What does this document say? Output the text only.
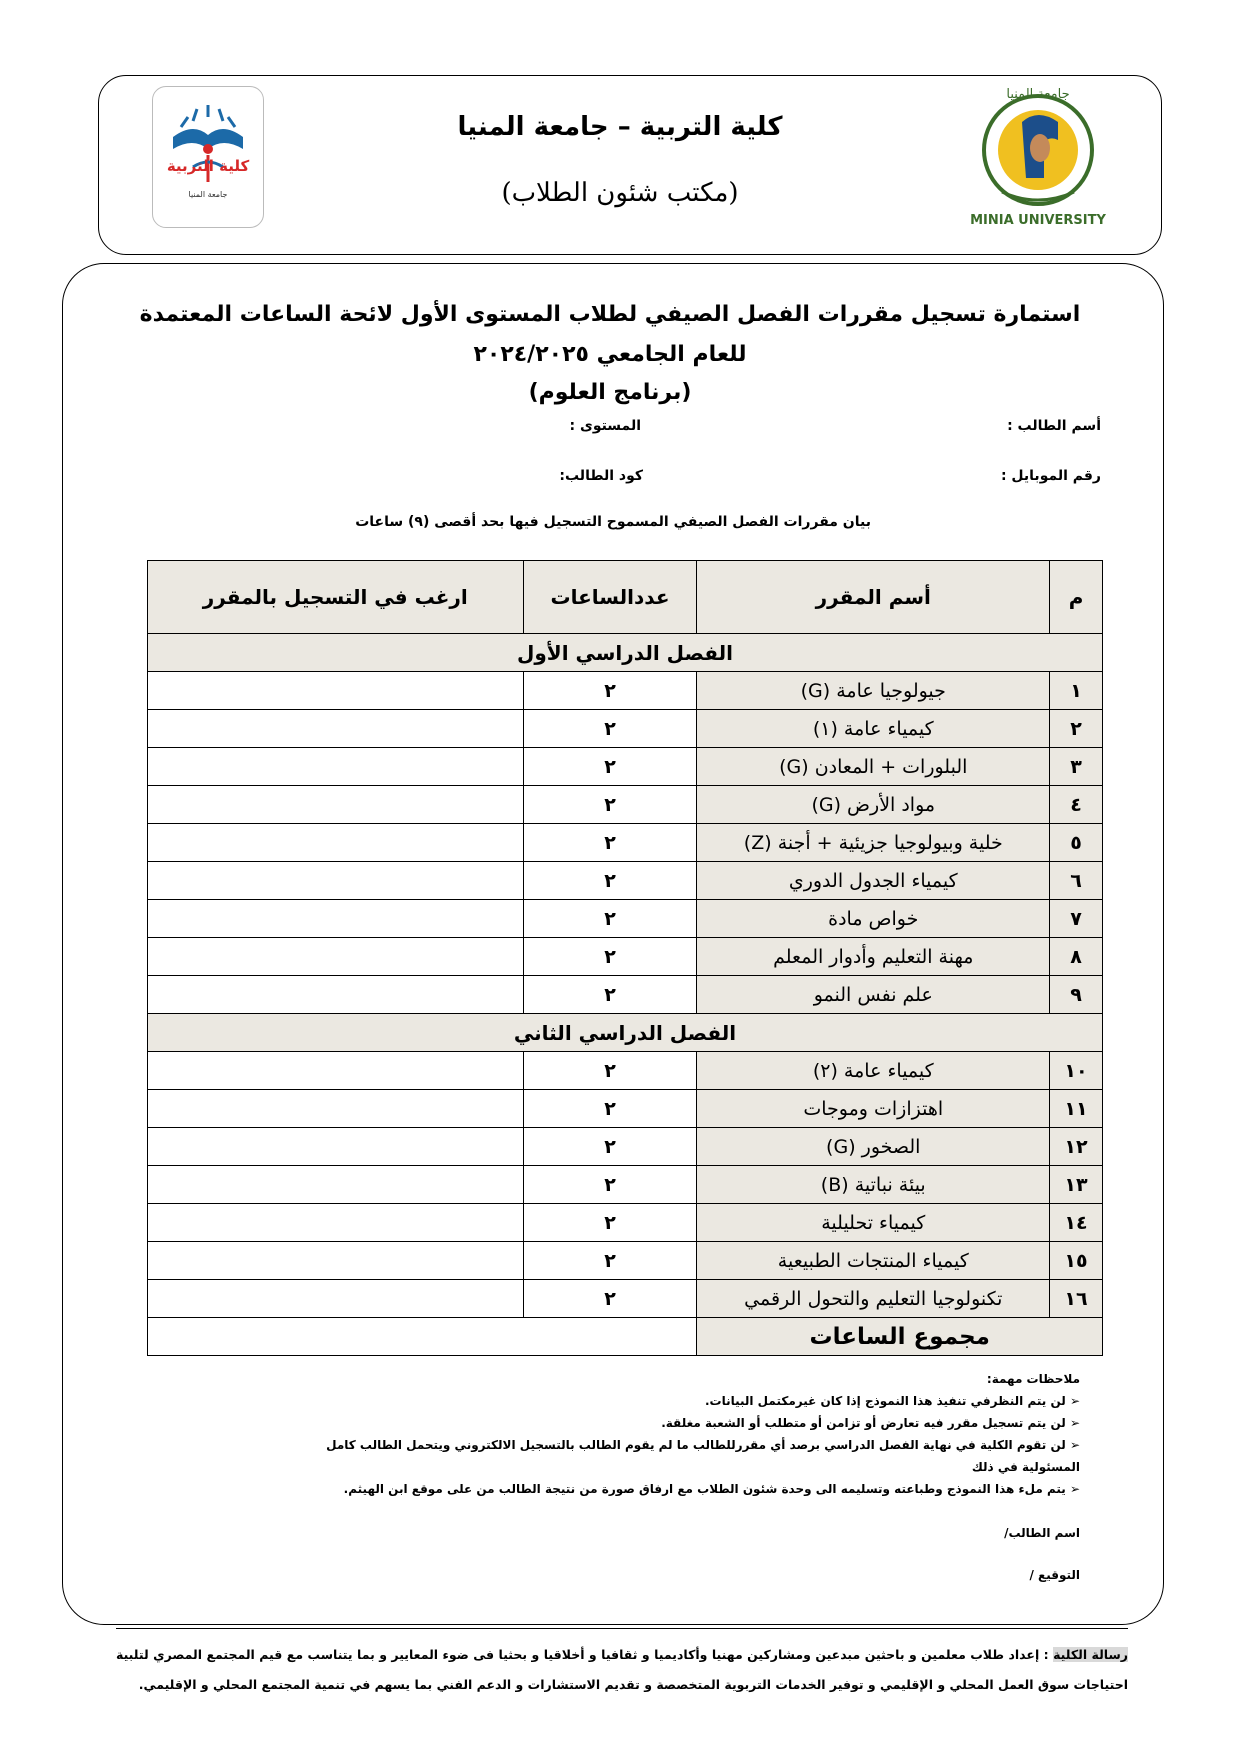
كلية التربية
جامعة المنيا
كلية التربية – جامعة المنيا
(مكتب شئون الطلاب)
MINIA UNIVERSITY
جامعة المنيا
استمارة تسجيل مقررات الفصل الصيفي لطلاب المستوى الأول لائحة الساعات المعتمدة
للعام الجامعي ٢٠٢٤/٢٠٢٥
(برنامج العلوم)
أسم الطالب :
المستوى :
رقم الموبايل :
كود الطالب:
بيان مقررات الفصل الصيفي المسموح التسجيل فيها بحد أقصى (٩) ساعات
م	أسم المقرر	عددالساعات	ارغب في التسجيل بالمقرر
الفصل الدراسي الأول			
١	جيولوجيا عامة (G)	٢	
٢	كيمياء عامة (١)	٢	
٣	البلورات + المعادن (G)	٢	
٤	مواد الأرض (G)	٢	
٥	خلية وبيولوجيا جزيئية + أجنة (Z)	٢	
٦	كيمياء الجدول الدوري	٢	
٧	خواص مادة	٢	
٨	مهنة التعليم وأدوار المعلم	٢	
٩	علم نفس النمو	٢	
الفصل الدراسي الثاني			
١٠	كيمياء عامة (٢)	٢	
١١	اهتزازات وموجات	٢	
١٢	الصخور (G)	٢	
١٣	بيئة نباتية (B)	٢	
١٤	كيمياء تحليلية	٢	
١٥	كيمياء المنتجات الطبيعية	٢	
١٦	تكنولوجيا التعليم والتحول الرقمي	٢	
مجموع الساعات			
ملاحظات مهمة:
➢ لن يتم النظرفي تنفيذ هذا النموذج إذا كان غيرمكتمل البيانات.
➢ لن يتم تسجيل مقرر فيه تعارض أو تزامن أو متطلب أو الشعبة مغلقة.
➢ لن تقوم الكلية في نهاية الفصل الدراسي برصد أي مقررللطالب ما لم يقوم الطالب بالتسجيل الالكتروني ويتحمل الطالب كامل المسئولية في ذلك
➢ يتم ملء هذا النموذج وطباعته وتسليمه الى وحدة شئون الطلاب مع ارفاق صورة من نتيجة الطالب من على موقع ابن الهيثم.
اسم الطالب/
التوقيع /
رسالة الكلية : إعداد طلاب معلمين و باحثين مبدعين ومشاركين مهنيا وأكاديميا و ثقافيا و أخلاقيا و بحثيا فى ضوء المعايير و بما يتناسب مع قيم المجتمع المصري لتلبية احتياجات سوق العمل المحلي و الإقليمي و توفير الخدمات التربوية المتخصصة و تقديم الاستشارات و الدعم الفني بما يسهم في تنمية المجتمع المحلي و الإقليمي.
